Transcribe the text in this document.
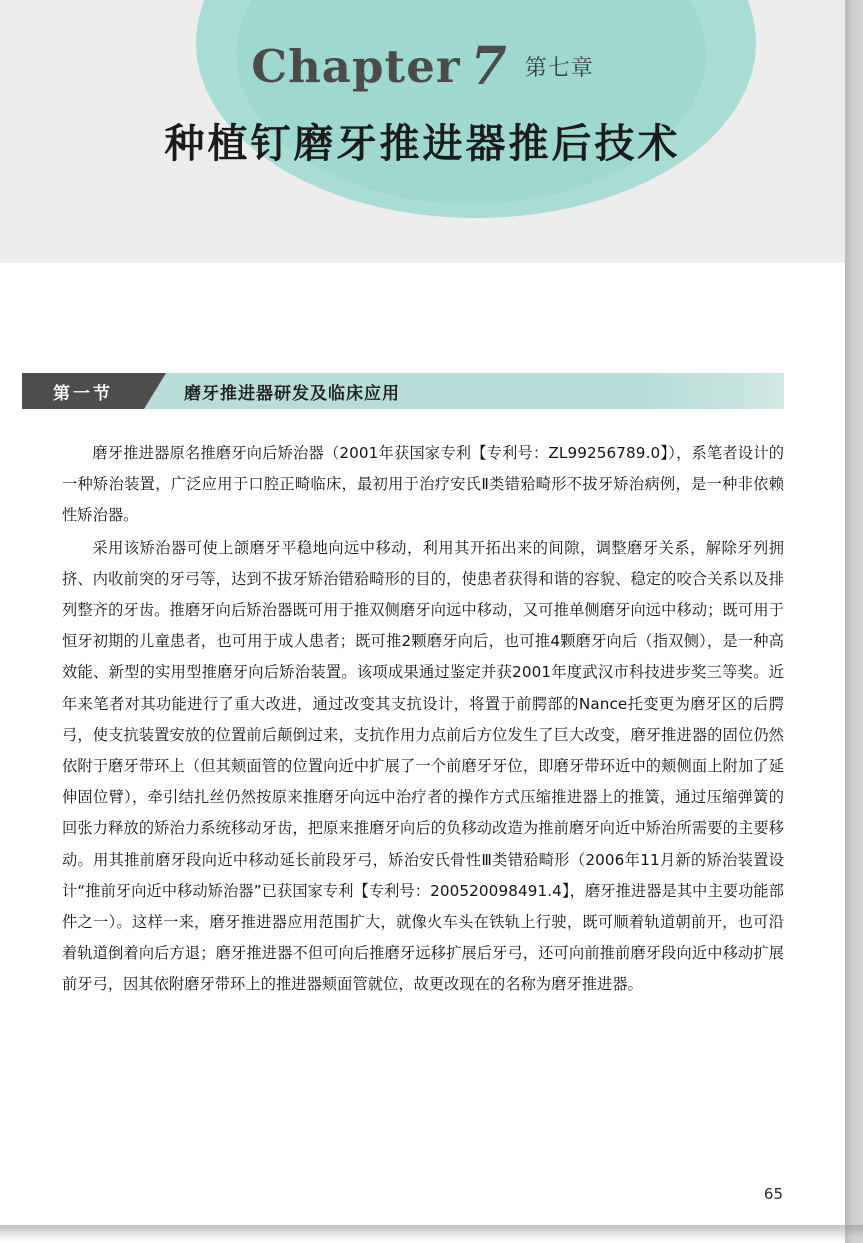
Chapter 7 第七章
种植钉磨牙推进器推后技术
第一节	磨牙推进器研发及临床应用

磨牙推进器原名推磨牙向后矫治器（2001年获国家专利【专利号：ZL99256789.0】），系笔者设计的一种矫治装置，广泛应用于口腔正畸临床，最初用于治疗安氏Ⅱ类错𬌗畸形不拔牙矫治病例，是一种非依赖性矫治器。

采用该矫治器可使上颌磨牙平稳地向远中移动，利用其开拓出来的间隙，调整磨牙关系，解除牙列拥挤、内收前突的牙弓等，达到不拔牙矫治错𬌗畸形的目的，使患者获得和谐的容貌、稳定的咬合关系以及排列整齐的牙齿。推磨牙向后矫治器既可用于推双侧磨牙向远中移动，又可推单侧磨牙向远中移动；既可用于恒牙初期的儿童患者，也可用于成人患者；既可推2颗磨牙向后，也可推4颗磨牙向后（指双侧），是一种高效能、新型的实用型推磨牙向后矫治装置。该项成果通过鉴定并获2001年度武汉市科技进步奖三等奖。近年来笔者对其功能进行了重大改进，通过改变其支抗设计，将置于前腭部的Nance托变更为磨牙区的后腭弓，使支抗装置安放的位置前后颠倒过来，支抗作用力点前后方位发生了巨大改变，磨牙推进器的固位仍然依附于磨牙带环上（但其颊面管的位置向近中扩展了一个前磨牙牙位，即磨牙带环近中的颊侧面上附加了延伸固位臂），牵引结扎丝仍然按原来推磨牙向远中治疗者的操作方式压缩推进器上的推簧，通过压缩弹簧的回张力释放的矫治力系统移动牙齿，把原来推磨牙向后的负移动改造为推前磨牙向近中矫治所需要的主要移动。用其推前磨牙段向近中移动延长前段牙弓，矫治安氏骨性Ⅲ类错𬌗畸形（2006年11月新的矫治装置设计“推前牙向近中移动矫治器”已获国家专利【专利号：200520098491.4】，磨牙推进器是其中主要功能部件之一）。这样一来，磨牙推进器应用范围扩大，就像火车头在铁轨上行驶，既可顺着轨道朝前开，也可沿着轨道倒着向后方退；磨牙推进器不但可向后推磨牙远移扩展后牙弓，还可向前推前磨牙段向近中移动扩展前牙弓，因其依附磨牙带环上的推进器颊面管就位，故更改现在的名称为磨牙推进器。

65
